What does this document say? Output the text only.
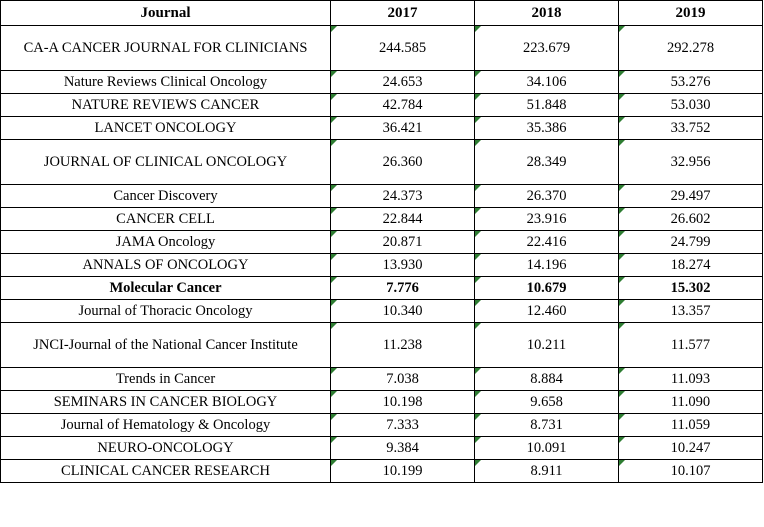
Journal	2017	2018	2019
CA-A CANCER JOURNAL FOR CLINICIANS	244.585	223.679	292.278

Nature Reviews Clinical Oncology	24.653	34.106	53.276

NATURE REVIEWS CANCER	42.784	51.848	53.030

LANCET ONCOLOGY	36.421	35.386	33.752

JOURNAL OF CLINICAL ONCOLOGY	26.360	28.349	32.956

Cancer Discovery	24.373	26.370	29.497

CANCER CELL	22.844	23.916	26.602

JAMA Oncology	20.871	22.416	24.799

ANNALS OF ONCOLOGY	13.930	14.196	18.274

Molecular Cancer	7.776	10.679	15.302

Journal of Thoracic Oncology	10.340	12.460	13.357

JNCI-Journal of the National Cancer Institute	11.238	10.211	11.577

Trends in Cancer	7.038	8.884	11.093

SEMINARS IN CANCER BIOLOGY	10.198	9.658	11.090

Journal of Hematology & Oncology	7.333	8.731	11.059

NEURO-ONCOLOGY	9.384	10.091	10.247

CLINICAL CANCER RESEARCH	10.199	8.911	10.107
